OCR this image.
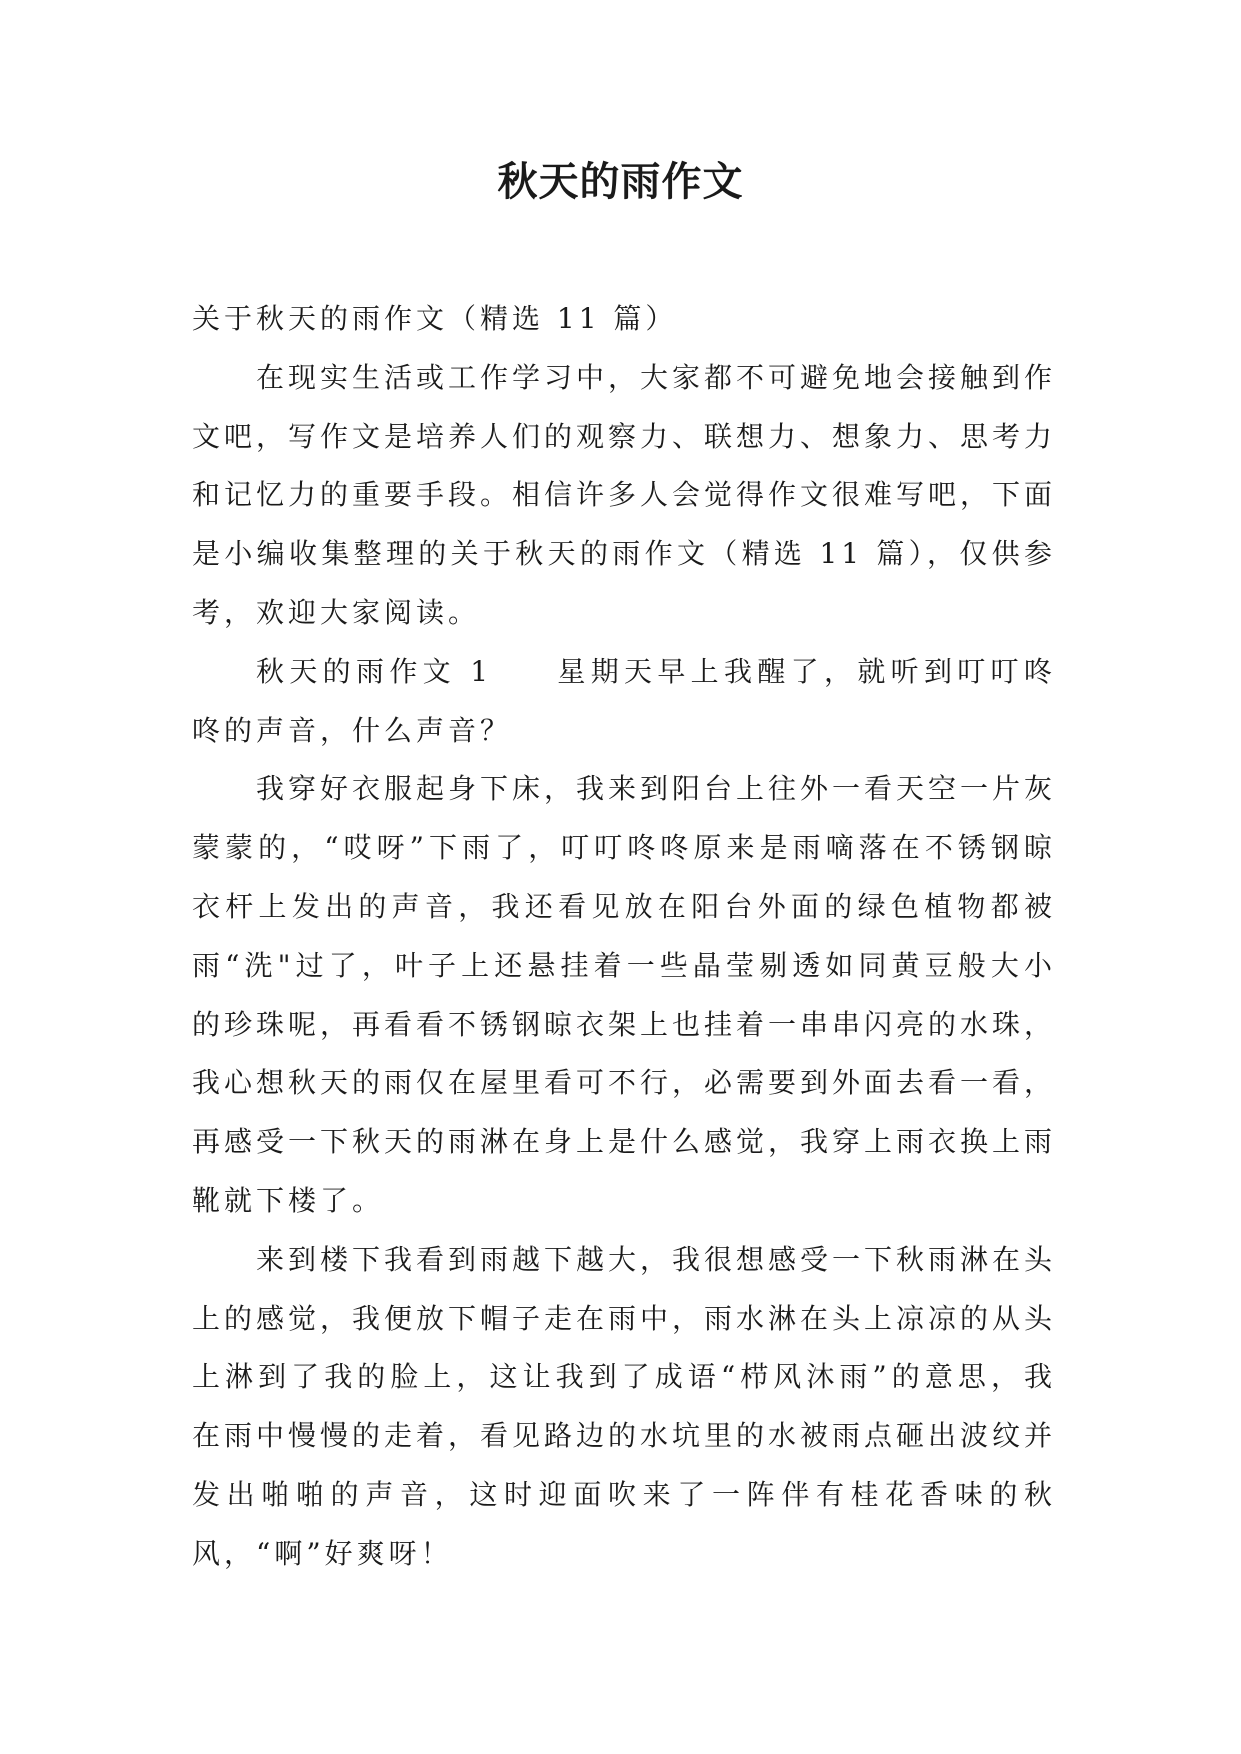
秋天的雨作文

关于秋天的雨作文（精选 11 篇）

在现实生活或工作学习中，大家都不可避免地会接触到作文吧，写作文是培养人们的观察力、联想力、想象力、思考力和记忆力的重要手段。相信许多人会觉得作文很难写吧，下面是小编收集整理的关于秋天的雨作文（精选 11 篇），仅供参考，欢迎大家阅读。

秋天的雨作文 1 星期天早上我醒了，就听到叮叮咚咚的声音，什么声音？

我穿好衣服起身下床，我来到阳台上往外一看天空一片灰蒙蒙的，“哎呀”下雨了，叮叮咚咚原来是雨嘀落在不锈钢晾衣杆上发出的声音，我还看见放在阳台外面的绿色植物都被雨“洗"过了，叶子上还悬挂着一些晶莹剔透如同黄豆般大小的珍珠呢，再看看不锈钢晾衣架上也挂着一串串闪亮的水珠，我心想秋天的雨仅在屋里看可不行，必需要到外面去看一看，再感受一下秋天的雨淋在身上是什么感觉，我穿上雨衣换上雨靴就下楼了。

来到楼下我看到雨越下越大，我很想感受一下秋雨淋在头上的感觉，我便放下帽子走在雨中，雨水淋在头上凉凉的从头上淋到了我的脸上，这让我到了成语“栉风沐雨”的意思，我在雨中慢慢的走着，看见路边的水坑里的水被雨点砸出波纹并发出啪啪的声音，这时迎面吹来了一阵伴有桂花香味的秋风，“啊”好爽呀！
